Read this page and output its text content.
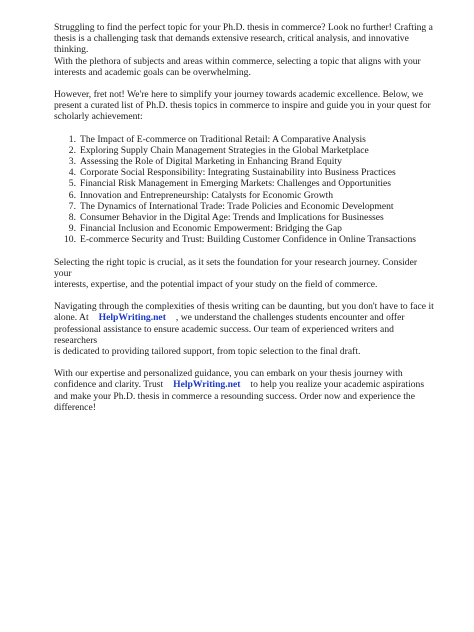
Struggling to find the perfect topic for your Ph.D. thesis in commerce? Look no further! Crafting a
thesis is a challenging task that demands extensive research, critical analysis, and innovative thinking.
With the plethora of subjects and areas within commerce, selecting a topic that aligns with your
interests and academic goals can be overwhelming.

However, fret not! We're here to simplify your journey towards academic excellence. Below, we
present a curated list of Ph.D. thesis topics in commerce to inspire and guide you in your quest for
scholarly achievement:

1. The Impact of E-commerce on Traditional Retail: A Comparative Analysis
2. Exploring Supply Chain Management Strategies in the Global Marketplace
3. Assessing the Role of Digital Marketing in Enhancing Brand Equity
4. Corporate Social Responsibility: Integrating Sustainability into Business Practices
5. Financial Risk Management in Emerging Markets: Challenges and Opportunities
6. Innovation and Entrepreneurship: Catalysts for Economic Growth
7. The Dynamics of International Trade: Trade Policies and Economic Development
8. Consumer Behavior in the Digital Age: Trends and Implications for Businesses
9. Financial Inclusion and Economic Empowerment: Bridging the Gap
10. E-commerce Security and Trust: Building Customer Confidence in Online Transactions

Selecting the right topic is crucial, as it sets the foundation for your research journey. Consider your
interests, expertise, and the potential impact of your study on the field of commerce.

Navigating through the complexities of thesis writing can be daunting, but you don't have to face it
alone. At HelpWriting.net , we understand the challenges students encounter and offer
professional assistance to ensure academic success. Our team of experienced writers and researchers
is dedicated to providing tailored support, from topic selection to the final draft.

With our expertise and personalized guidance, you can embark on your thesis journey with
confidence and clarity. Trust HelpWriting.net to help you realize your academic aspirations
and make your Ph.D. thesis in commerce a resounding success. Order now and experience the
difference!
